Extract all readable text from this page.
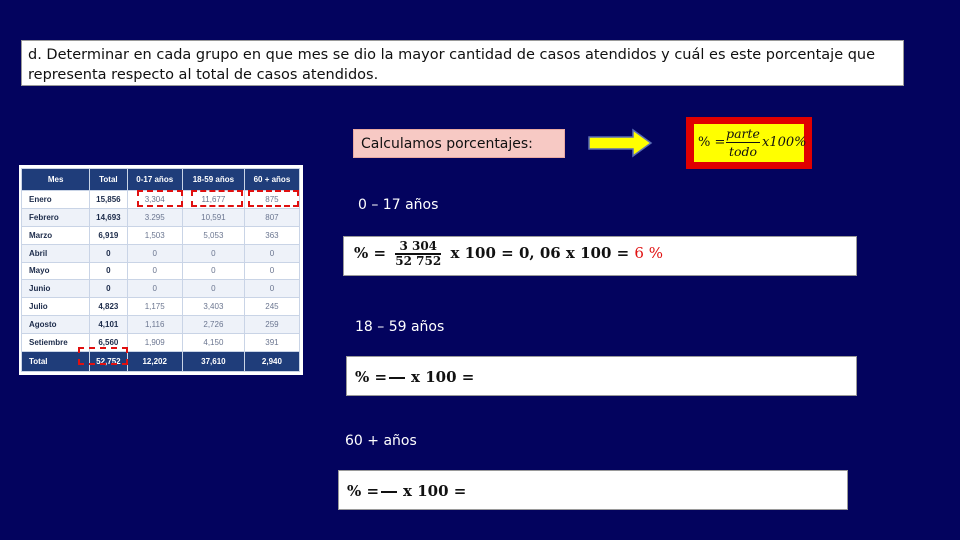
d. Determinar en cada grupo en que mes se dio la mayor cantidad de casos atendidos y cuál es este porcentaje que representa respecto al total de casos atendidos.
Calculamos porcentajes:	% =
parte
todo
x100%
Mes	Total	0-17 años	18-59 años	60 + años
Enero	15,856	3,304	11,677	875
Febrero	14,693	3.295	10,591	807
Marzo	6,919	1,503	5,053	363
Abril	0	0	0	0
Mayo	0	0	0	0
Junio	0	0	0	0
Julio	4,823	1,175	3,403	245
Agosto	4,101	1,116	2,726	259
Setiembre	6,560	1,909	4,150	391
Total	52,752	12,202	37,610	2,940
0 – 17 años
% = $\frac{3 304}{52 752}$ x 100 = 0, 06 x 100 = 6 %
18 – 59 años
% = x 100 =
60 + años
% = x 100 =
